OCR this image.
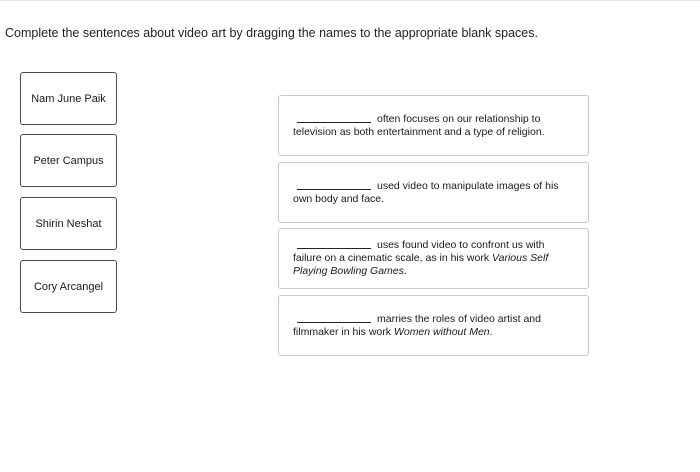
Complete the sentences about video art by dragging the names to the appropriate blank spaces.
Nam June Paik
Peter Campus
Shirin Neshat
Cory Arcangel
often focuses on our relationship to
television as both entertainment and a type of religion.
used video to manipulate images of his
own body and face.
uses found video to confront us with
failure on a cinematic scale, as in his work Various Self
Playing Bowling Games.
marries the roles of video artist and
filmmaker in his work Women without Men.
